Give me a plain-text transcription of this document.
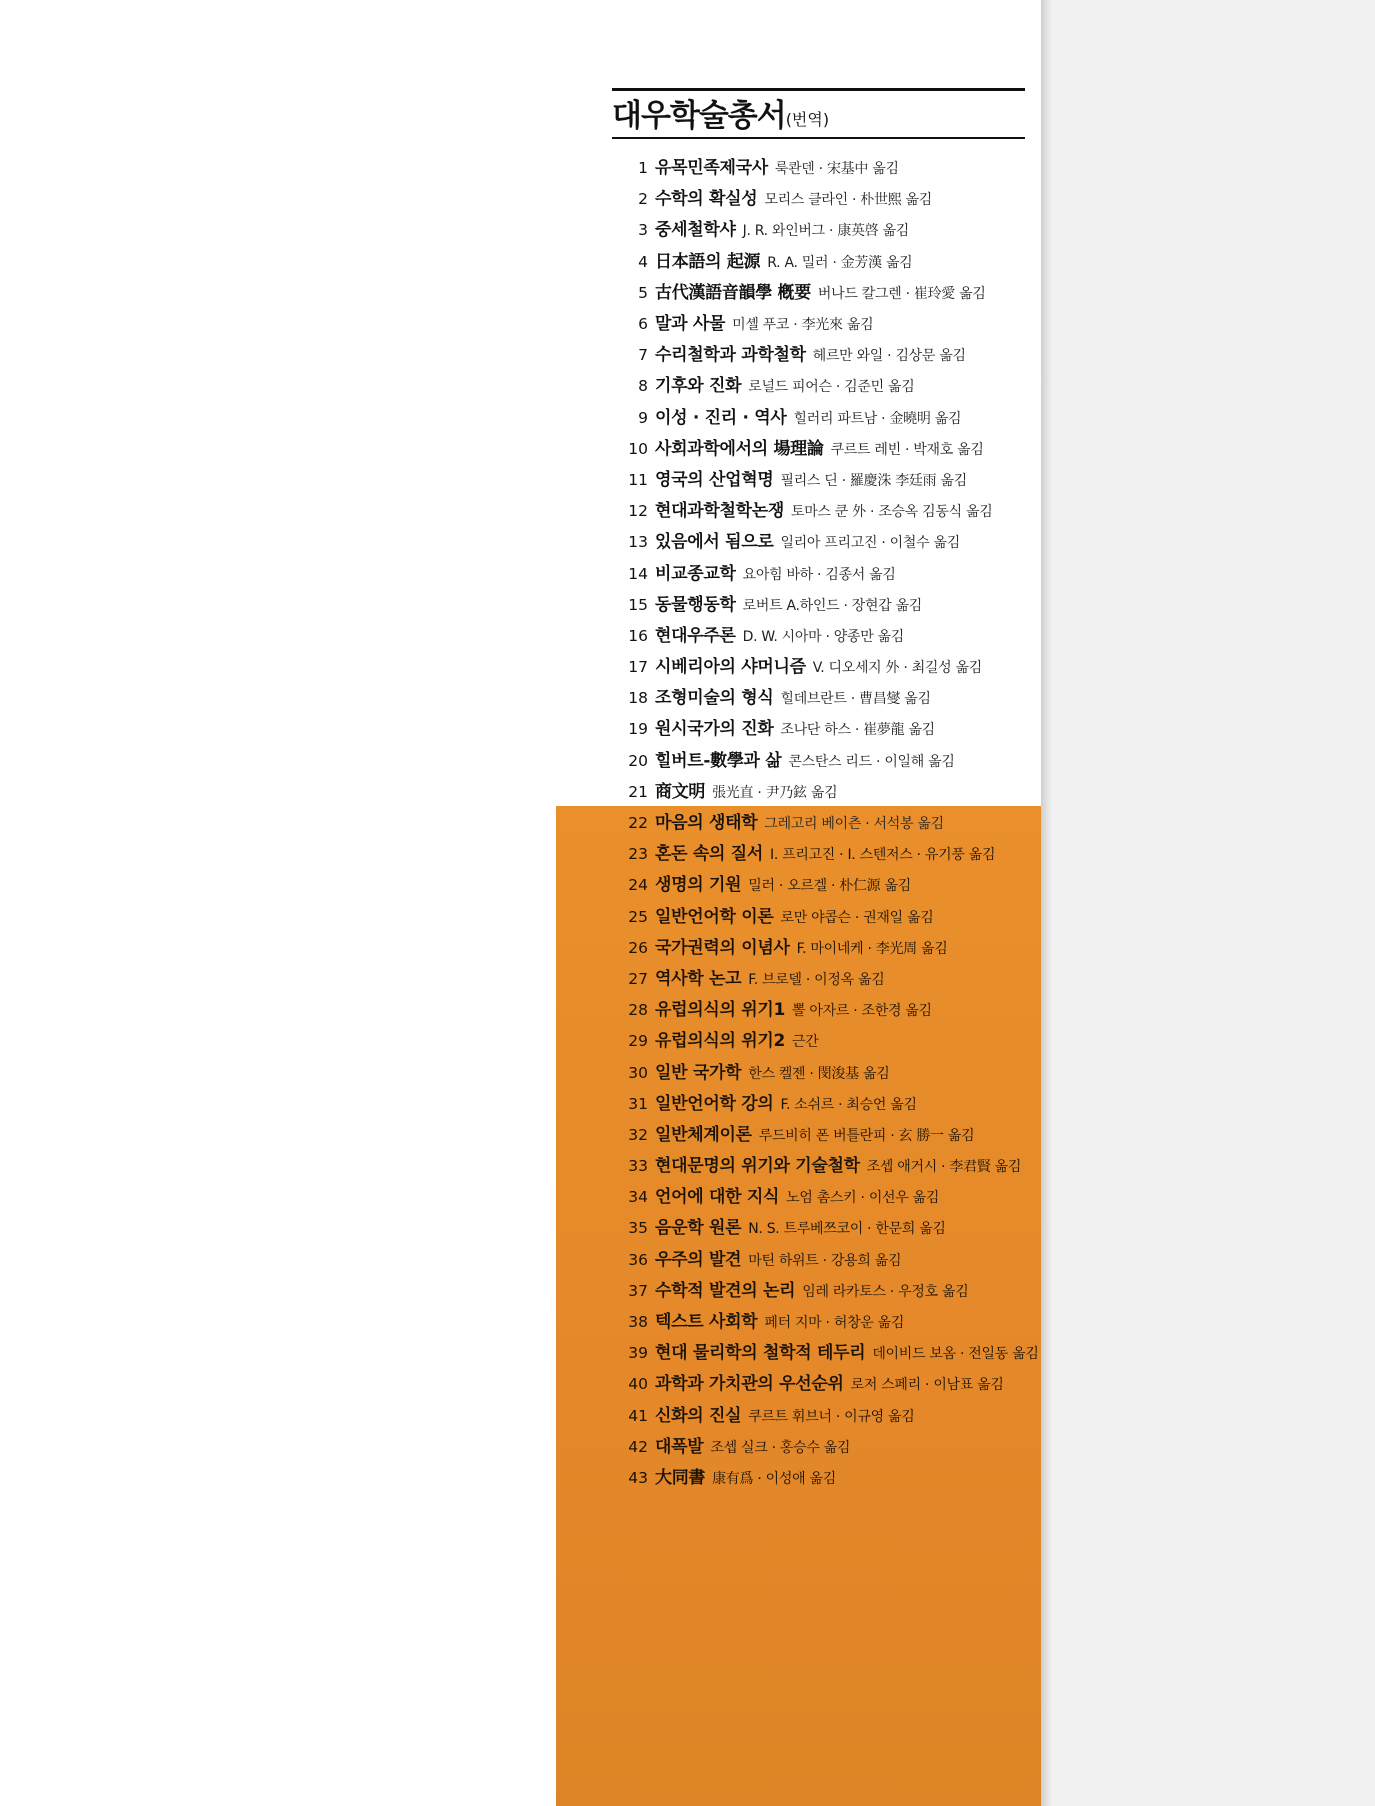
대우학술총서(번역)
1 유목민족제국사 룩콴덴 · 宋基中 옮김
2 수학의 확실성 모리스 클라인 · 朴世熙 옮김
3 중세철학샤 J. R. 와인버그 · 康英啓 옮김
4 日本語의 起源 R. A. 밀러 · 金芳漢 옮김
5 古代漢語音韻學 槪要 버나드 칼그렌 · 崔玲愛 옮김
6 말과 사물 미셸 푸코 · 李光來 옮김
7 수리철학과 과학철학 헤르만 와일 · 김상문 옮김
8 기후와 진화 로널드 피어슨 · 김준민 옮김
9 이성 · 진리 · 역사 힐러리 파트남 · 金曉明 옮김
10 사회과학에서의 場理論 쿠르트 레빈 · 박재호 옮김
11 영국의 산업혁명 필리스 딘 · 羅慶洙 李廷雨 옮김
12 현대과학철학논쟁 토마스 쿤 外 · 조승옥 김동식 옮김
13 있음에서 됨으로 일리아 프리고진 · 이철수 옮김
14 비교종교학 요아힘 바하 · 김종서 옮김
15 동물행동학 로버트 A.하인드 · 장현갑 옮김
16 현대우주론 D. W. 시아마 · 양종만 옮김
17 시베리아의 샤머니즘 V. 디오세지 外 · 최길성 옮김
18 조형미술의 형식 힐데브란트 · 曹昌燮 옮김
19 원시국가의 진화 조나단 하스 · 崔夢龍 옮김
20 힐버트-數學과 삶 콘스탄스 리드 · 이일해 옮김
21 商文明 張光直 · 尹乃鉉 옮김
22 마음의 생태학 그레고리 베이츤 · 서석봉 옮김
23 혼돈 속의 질서 Ⅰ. 프리고진 · Ⅰ. 스텐저스 · 유기풍 옮김
24 생명의 기원 밀러 · 오르겔 · 朴仁源 옮김
25 일반언어학 이론 로만 야콥슨 · 권재일 옮김
26 국가권력의 이념사 F. 마이네케 · 李光周 옮김
27 역사학 논고 F. 브로델 · 이정옥 옮김
28 유럽의식의 위기1 뽈 아자르 · 조한경 옮김
29 유럽의식의 위기2 근간
30 일반 국가학 한스 켈젠 · 閔浚基 옮김
31 일반언어학 강의 F. 소쉬르 · 최승언 옮김
32 일반체계이론 루드비히 폰 버틀란피 · 玄 勝一 옮김
33 현대문명의 위기와 기술철학 조셉 애거시 · 李君賢 옮김
34 언어에 대한 지식 노엄 촘스키 · 이선우 옮김
35 음운학 원론 N. S. 트루베쯔코이 · 한문희 옮김
36 우주의 발견 마틴 하위트 · 강용희 옮김
37 수학적 발견의 논리 임레 라카토스 · 우정호 옮김
38 텍스트 사회학 페터 지마 · 허창운 옮김
39 현대 물리학의 철학적 테두리 데이비드 보옴 · 전일동 옮김
40 과학과 가치관의 우선순위 로저 스페리 · 이남표 옮김
41 신화의 진실 쿠르트 휘브너 · 이규영 옮김
42 대폭발 조셉 실크 · 홍승수 옮김
43 大同書 康有爲 · 이성애 옮김
